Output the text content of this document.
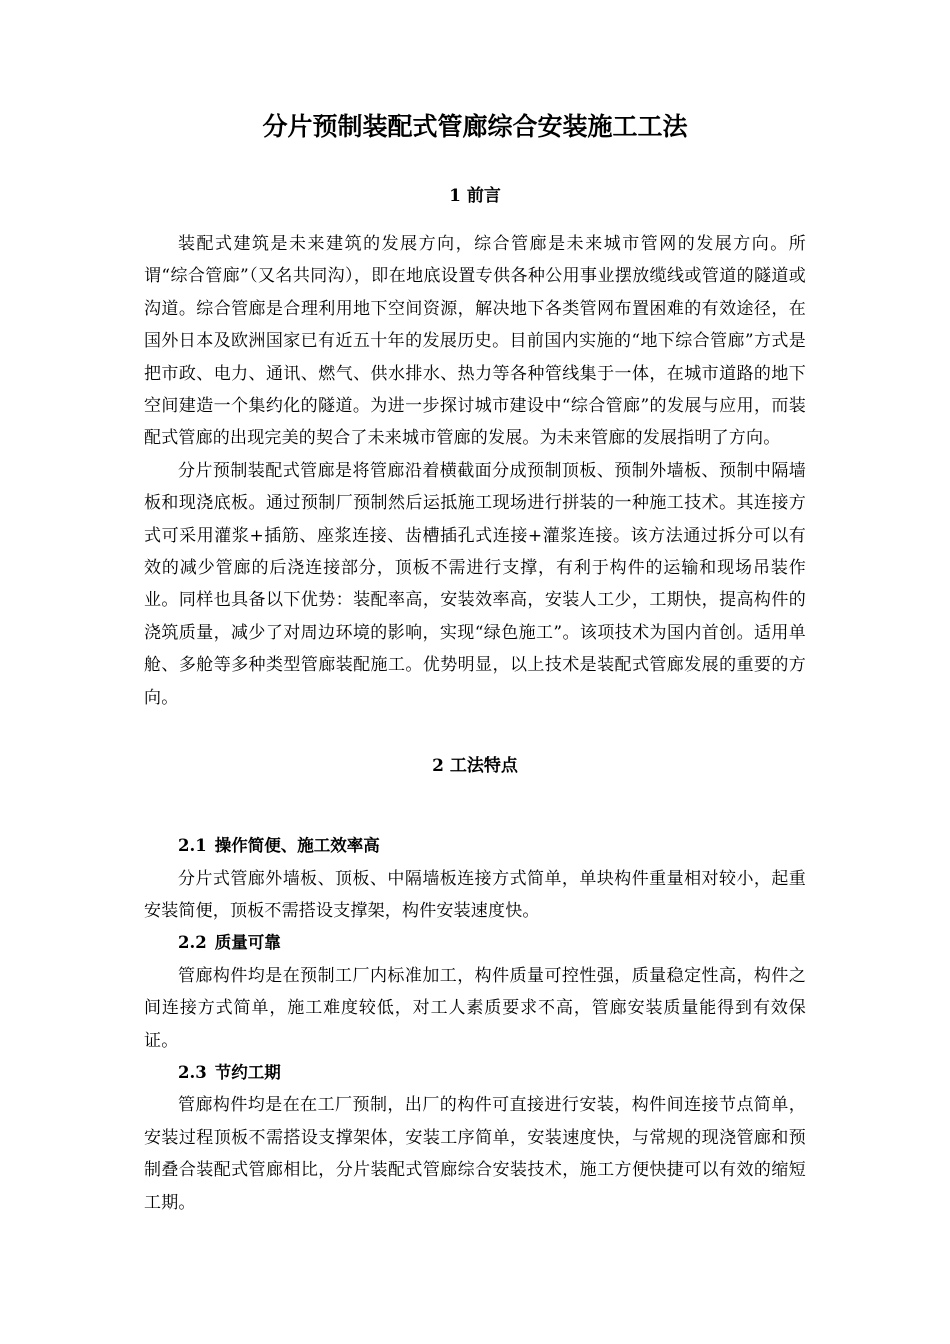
分片预制装配式管廊综合安装施工工法
1 前言

装配式建筑是未来建筑的发展方向，综合管廊是未来城市管网的发展方向。所谓“综合管廊”（又名共同沟），即在地底设置专供各种公用事业摆放缆线或管道的隧道或沟道。综合管廊是合理利用地下空间资源，解决地下各类管网布置困难的有效途径，在国外日本及欧洲国家已有近五十年的发展历史。目前国内实施的“地下综合管廊”方式是把市政、电力、通讯、燃气、供水排水、热力等各种管线集于一体，在城市道路的地下空间建造一个集约化的隧道。为进一步探讨城市建设中“综合管廊”的发展与应用，而装配式管廊的出现完美的契合了未来城市管廊的发展。为未来管廊的发展指明了方向。

分片预制装配式管廊是将管廊沿着横截面分成预制顶板、预制外墙板、预制中隔墙板和现浇底板。通过预制厂预制然后运抵施工现场进行拼装的一种施工技术。其连接方式可采用灌浆+插筋、座浆连接、齿槽插孔式连接+灌浆连接。该方法通过拆分可以有效的减少管廊的后浇连接部分，顶板不需进行支撑，有利于构件的运输和现场吊装作业。同样也具备以下优势：装配率高，安装效率高，安装人工少，工期快，提高构件的浇筑质量，减少了对周边环境的影响，实现“绿色施工”。该项技术为国内首创。适用单舱、多舱等多种类型管廊装配施工。优势明显，以上技术是装配式管廊发展的重要的方向。

2 工法特点
2.1 操作简便、施工效率高

分片式管廊外墙板、顶板、中隔墙板连接方式简单，单块构件重量相对较小，起重安装简便，顶板不需搭设支撑架，构件安装速度快。

2.2 质量可靠

管廊构件均是在预制工厂内标准加工，构件质量可控性强，质量稳定性高，构件之间连接方式简单，施工难度较低，对工人素质要求不高，管廊安装质量能得到有效保证。

2.3 节约工期

管廊构件均是在在工厂预制，出厂的构件可直接进行安装，构件间连接节点简单，安装过程顶板不需搭设支撑架体，安装工序简单，安装速度快，与常规的现浇管廊和预制叠合装配式管廊相比，分片装配式管廊综合安装技术，施工方便快捷可以有效的缩短工期。
